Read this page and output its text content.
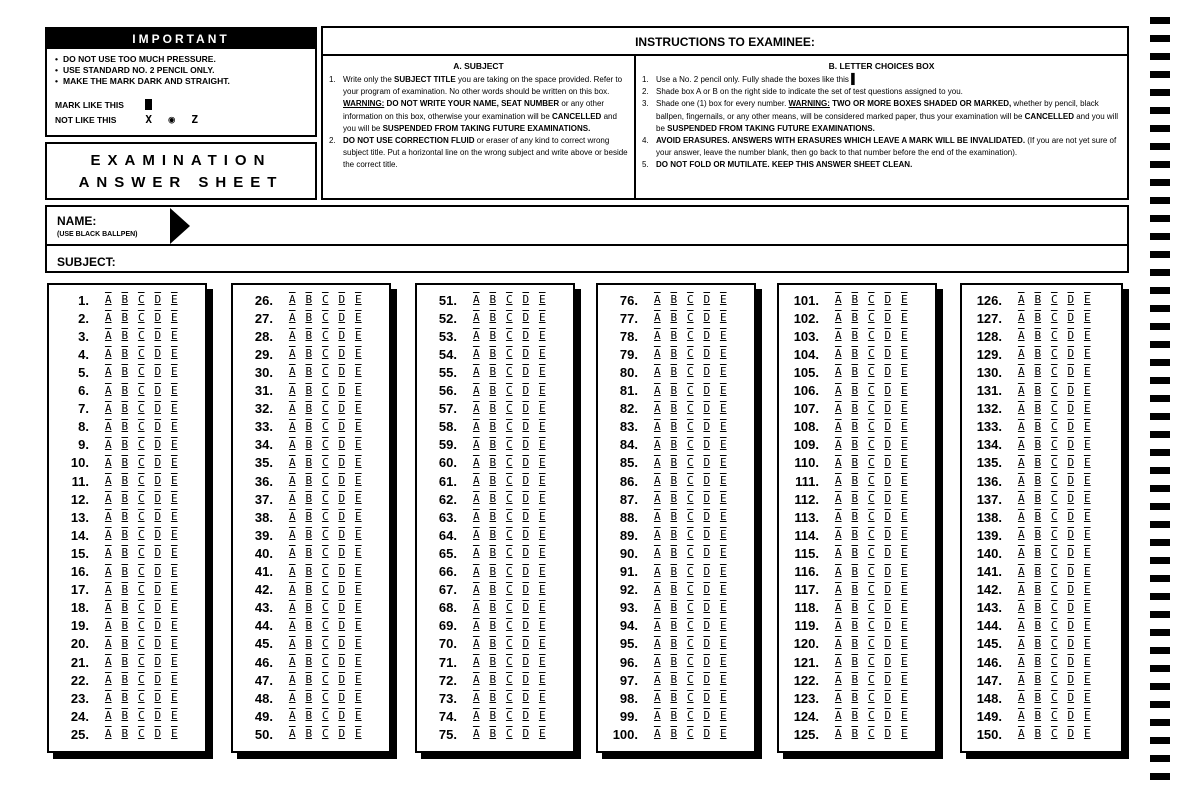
IMPORTANT
• DO NOT USE TOO MUCH PRESSURE.
• USE STANDARD NO. 2 PENCIL ONLY.
• MAKE THE MARK DARK AND STRAIGHT.
MARK LIKE THIS
NOT LIKE THIS	X ◉ Z
EXAMINATION
ANSWER SHEET
INSTRUCTIONS TO EXAMINEE:
A. SUBJECT
1. Write only the SUBJECT TITLE you are taking on the space provided. Refer to your program of examination. No other words should be written on this box. WARNING: DO NOT WRITE YOUR NAME, SEAT NUMBER or any other information on this box, otherwise your examination will be CANCELLED and you will be SUSPENDED FROM TAKING FUTURE EXAMINATIONS.
2. DO NOT USE CORRECTION FLUID or eraser of any kind to correct wrong subject title. Put a horizontal line on the wrong subject and write above or beside the correct title.
B. LETTER CHOICES BOX
1. Use a No. 2 pencil only. Fully shade the boxes like this ▌
2. Shade box A or B on the right side to indicate the set of test questions assigned to you.
3. Shade one (1) box for every number. WARNING: TWO OR MORE BOXES SHADED OR MARKED, whether by pencil, black ballpen, fingernails, or any other means, will be considered marked paper, thus your examination will be CANCELLED and you will be SUSPENDED FROM TAKING FUTURE EXAMINATIONS.
4. AVOID ERASURES. ANSWERS WITH ERASURES WHICH LEAVE A MARK WILL BE INVALIDATED. (If you are not yet sure of your answer, leave the number blank, then go back to that number before the end of the examination).
5. DO NOT FOLD OR MUTILATE. KEEP THIS ANSWER SHEET CLEAN.
NAME:
(USE BLACK BALLPEN)
SUBJECT:
1.	A B C D E
2.	A B C D E
3.	A B C D E
4.	A B C D E
5.	A B C D E
6.	A B C D E
7.	A B C D E
8.	A B C D E
9.	A B C D E
10.	A B C D E
11.	A B C D E
12.	A B C D E
13.	A B C D E
14.	A B C D E
15.	A B C D E
16.	A B C D E
17.	A B C D E
18.	A B C D E
19.	A B C D E
20.	A B C D E
21.	A B C D E
22.	A B C D E
23.	A B C D E
24.	A B C D E
25.	A B C D E
26.	A B C D E
27.	A B C D E
28.	A B C D E
29.	A B C D E
30.	A B C D E
31.	A B C D E
32.	A B C D E
33.	A B C D E
34.	A B C D E
35.	A B C D E
36.	A B C D E
37.	A B C D E
38.	A B C D E
39.	A B C D E
40.	A B C D E
41.	A B C D E
42.	A B C D E
43.	A B C D E
44.	A B C D E
45.	A B C D E
46.	A B C D E
47.	A B C D E
48.	A B C D E
49.	A B C D E
50.	A B C D E
51.	A B C D E
52.	A B C D E
53.	A B C D E
54.	A B C D E
55.	A B C D E
56.	A B C D E
57.	A B C D E
58.	A B C D E
59.	A B C D E
60.	A B C D E
61.	A B C D E
62.	A B C D E
63.	A B C D E
64.	A B C D E
65.	A B C D E
66.	A B C D E
67.	A B C D E
68.	A B C D E
69.	A B C D E
70.	A B C D E
71.	A B C D E
72.	A B C D E
73.	A B C D E
74.	A B C D E
75.	A B C D E
76.	A B C D E
77.	A B C D E
78.	A B C D E
79.	A B C D E
80.	A B C D E
81.	A B C D E
82.	A B C D E
83.	A B C D E
84.	A B C D E
85.	A B C D E
86.	A B C D E
87.	A B C D E
88.	A B C D E
89.	A B C D E
90.	A B C D E
91.	A B C D E
92.	A B C D E
93.	A B C D E
94.	A B C D E
95.	A B C D E
96.	A B C D E
97.	A B C D E
98.	A B C D E
99.	A B C D E
100.	A B C D E
101.	A B C D E
102.	A B C D E
103.	A B C D E
104.	A B C D E
105.	A B C D E
106.	A B C D E
107.	A B C D E
108.	A B C D E
109.	A B C D E
110.	A B C D E
111.	A B C D E
112.	A B C D E
113.	A B C D E
114.	A B C D E
115.	A B C D E
116.	A B C D E
117.	A B C D E
118.	A B C D E
119.	A B C D E
120.	A B C D E
121.	A B C D E
122.	A B C D E
123.	A B C D E
124.	A B C D E
125.	A B C D E
126.	A B C D E
127.	A B C D E
128.	A B C D E
129.	A B C D E
130.	A B C D E
131.	A B C D E
132.	A B C D E
133.	A B C D E
134.	A B C D E
135.	A B C D E
136.	A B C D E
137.	A B C D E
138.	A B C D E
139.	A B C D E
140.	A B C D E
141.	A B C D E
142.	A B C D E
143.	A B C D E
144.	A B C D E
145.	A B C D E
146.	A B C D E
147.	A B C D E
148.	A B C D E
149.	A B C D E
150.	A B C D E
